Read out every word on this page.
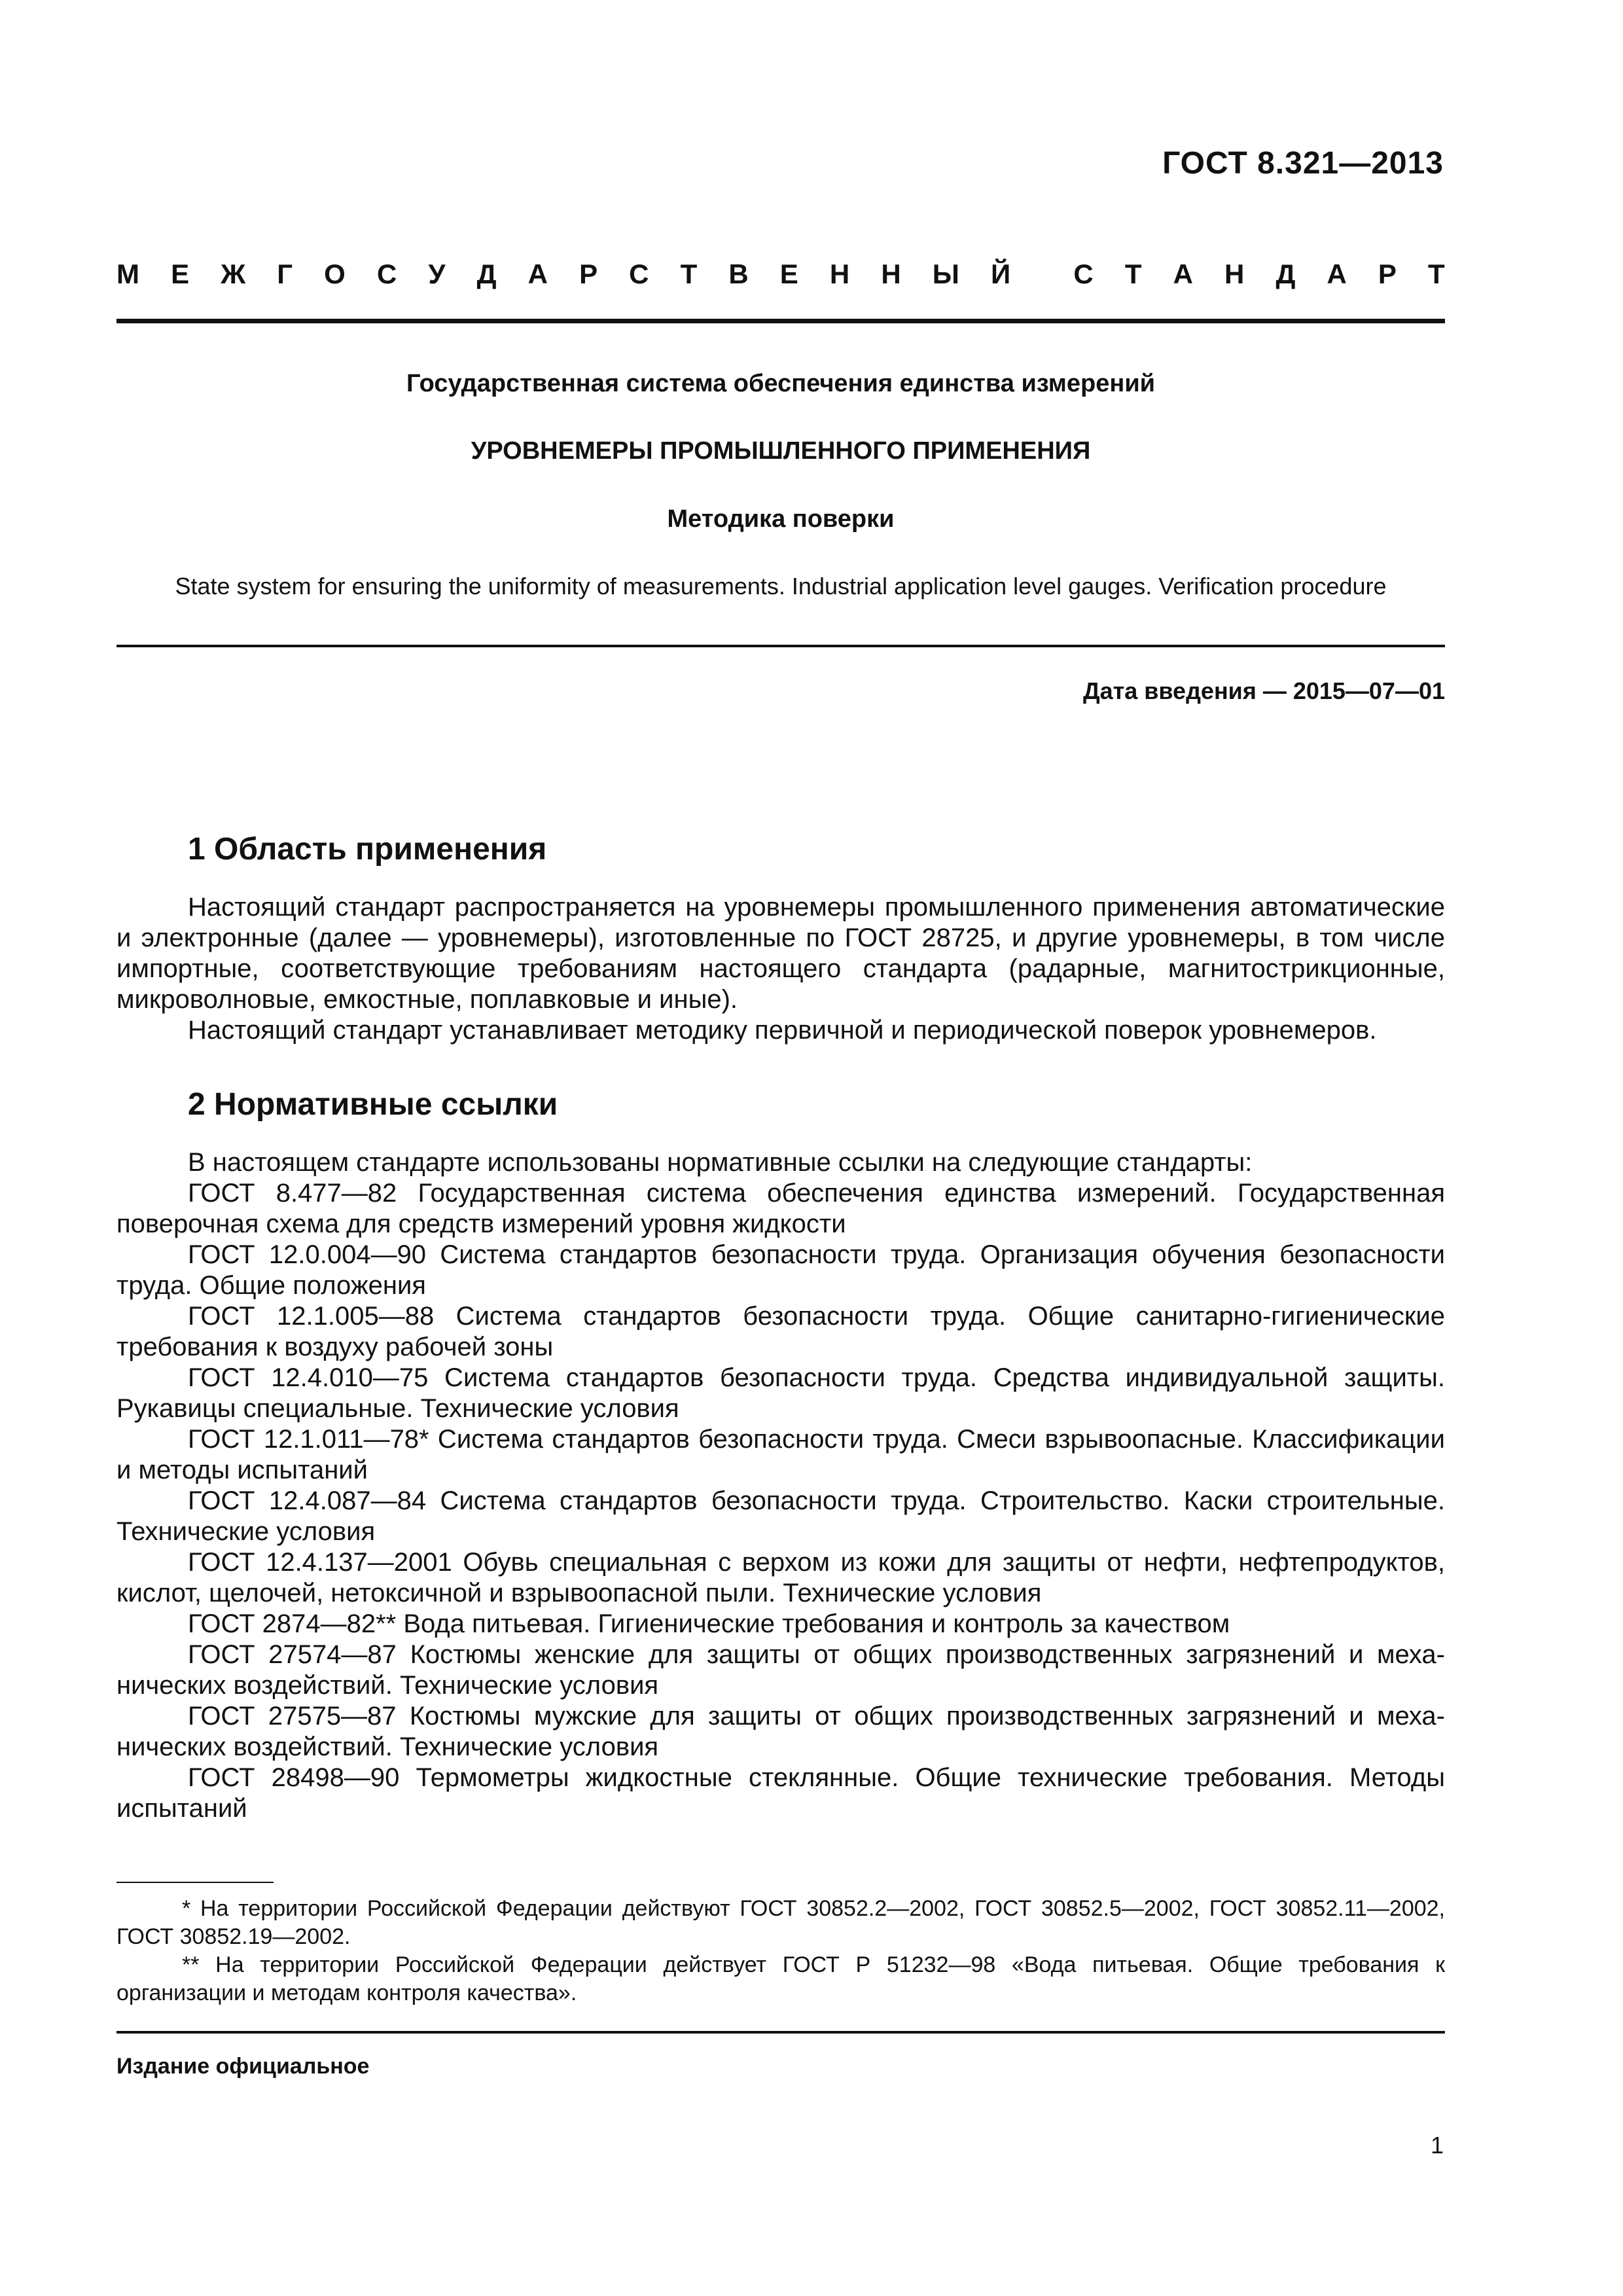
ГОСТ 8.321—2013
М Е Ж Г О С У Д А Р С Т В Е Н Н Ы Й С Т А Н Д А Р Т
Государственная система обеспечения единства измерений
УРОВНЕМЕРЫ ПРОМЫШЛЕННОГО ПРИМЕНЕНИЯ
Методика поверки
State system for ensuring the uniformity of measurements. Industrial application level gauges. Verification procedure
Дата введения — 2015—07—01
1 Область применения

Настоящий стандарт распространяется на уровнемеры промышленного применения автоматические и электронные (далее — уровнемеры), изготовленные по ГОСТ 28725, и другие уровнемеры, в том числе импортные, соответствующие требованиям настоящего стандарта (радарные, магнитострикционные, микроволновые, емкостные, поплавковые и иные).

Настоящий стандарт устанавливает методику первичной и периодической поверок уровнемеров.

2 Нормативные ссылки

В настоящем стандарте использованы нормативные ссылки на следующие стандарты:

ГОСТ 8.477—82 Государственная система обеспечения единства измерений. Государственная поверочная схема для средств измерений уровня жидкости

ГОСТ 12.0.004—90 Система стандартов безопасности труда. Организация обучения безопасности труда. Общие положения

ГОСТ 12.1.005—88 Система стандартов безопасности труда. Общие санитарно-гигиенические требования к воздуху рабочей зоны

ГОСТ 12.4.010—75 Система стандартов безопасности труда. Средства индивидуальной защиты. Рукавицы специальные. Технические условия

ГОСТ 12.1.011—78* Система стандартов безопасности труда. Смеси взрывоопасные. Классификации и методы испытаний

ГОСТ 12.4.087—84 Система стандартов безопасности труда. Строительство. Каски строительные. Технические условия

ГОСТ 12.4.137—2001 Обувь специальная с верхом из кожи для защиты от нефти, нефтепродуктов, кислот, щелочей, нетоксичной и взрывоопасной пыли. Технические условия

ГОСТ 2874—82** Вода питьевая. Гигиенические требования и контроль за качеством

ГОСТ 27574—87 Костюмы женские для защиты от общих производственных загрязнений и механических воздействий. Технические условия

ГОСТ 27575—87 Костюмы мужские для защиты от общих производственных загрязнений и механических воздействий. Технические условия

ГОСТ 28498—90 Термометры жидкостные стеклянные. Общие технические требования. Методы испытаний

* На территории Российской Федерации действуют ГОСТ 30852.2—2002, ГОСТ 30852.5—2002, ГОСТ 30852.11—2002, ГОСТ 30852.19—2002.

** На территории Российской Федерации действует ГОСТ Р 51232—98 «Вода питьевая. Общие требования к организации и методам контроля качества».

Издание официальное
1
